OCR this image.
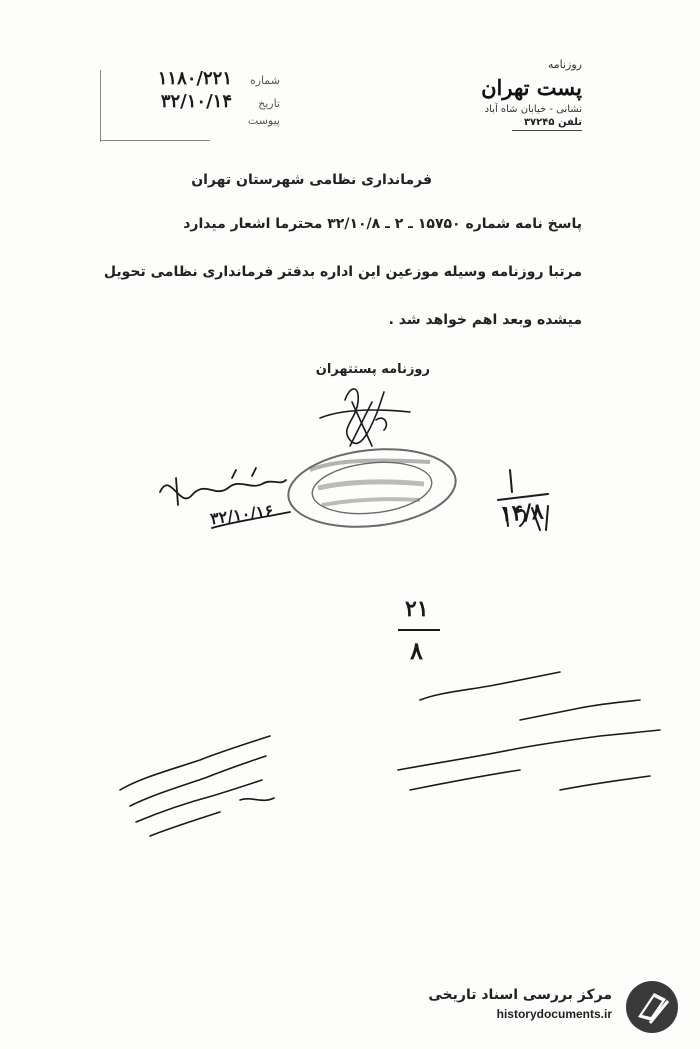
روزنامه
پست تهران
نشانی - خیابان شاه آباد
تلفن ۳۷۲۴۵
شماره
۱۱۸۰/۲۲۱
تاریخ
۳۲/۱۰/۱۴
پیوست
فرمانداری نظامی شهرستان تهران
پاسخ نامه شماره ۱۵۷۵۰ ـ ۲ ـ ۳۲/۱۰/۸ محترما اشعار میدارد
مرتبا روزنامه وسیله موزعین این اداره بدفتر فرمانداری نظامی تحویل
میشده وبعد اهم خواهد شد .
روزنامه پستتهران
۱۴/۸
۳۲/۱۰/۱۶
۲۱
۸
مرکز بررسی اسناد تاریخی
historydocuments.ir
